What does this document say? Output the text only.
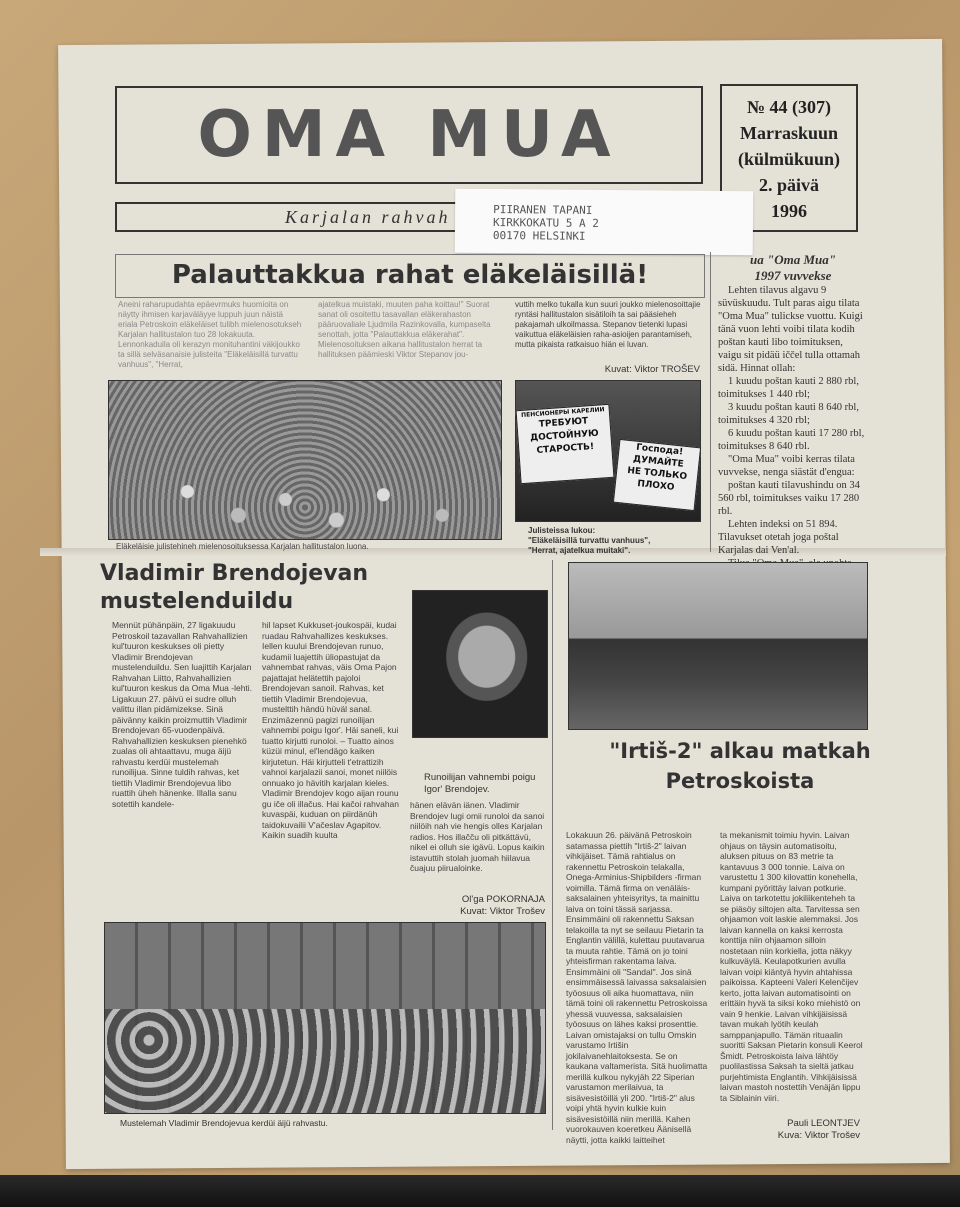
OMA MUA
Karjalan rahvah
№ 44 (307)
Marraskuun
(külmükuun)
2. päivä
1996
PIIRANEN TAPANI
KIRKKOKATU 5 A 2
00170 HELSINKI
Palauttakkua rahat eläkeläisillä!
Aneini raharupudahta epäevrmuks huomioita on näytty ihmisen karjaväläyye luppuh juun näistä eriala Petroskoin eläkeläiset tulibh mielenosotukseh Karjalan hallitustalon tuo 28 lokakuuta. Lennonkaduila oli kerazyn monituhantini väkijoukko ta sillä selväsanaisie julisteita "Eläkeläisillä turvattu vanhuus", "Herrat,
ajatelkua muistaki, muuten paha koittau!" Suorat sanat oli osoitettu tasavallan eläkerahaston pääruovaliale Ljudmila Razinkovalla, kumpaselta senottah, jotta "Palauttakkua eläkerahat". Mielenosoituksen aikana hallitustalon herrat ta hallituksen päämieski Viktor Stepanov jou-
vuttih melko tukalla kun suuri joukko mielenosoittajie ryntäsi hallitustalon sisätiloih ta sai pääsieheh pakajamah ulkoilmassa. Stepanov tietenki lupasi vaikuttua eläkeläisien raha-asioijen parantamiseh, mutta pikaista ratkaisuo hiän ei luvan.
Kuvat: Viktor TROŠEV
Eläkeläisie julistehineh mielenosoituksessa Karjalan hallitustalon luona.
ПЕНСИОНЕРЫ КАРЕЛИИ
ТРЕБУЮТ
ДОСТОЙНУЮ
СТАРОСТЬ!	Господа!
ДУМАЙТЕ
НЕ ТОЛЬКО
ПЛОХО
Julisteissa lukou:
"Eläkeläisillä turvattu vanhuus",
"Herrat, ajatelkua muitaki".
ua "Oma Mua"
1997 vuvvekse

Lehten tilavus algavu 9 süvüskuudu. Tult paras aigu tilata "Oma Mua" tulickse vuottu. Kuigi tänä vuon lehti voibi tilata kodih poštan kauti libo toimituksen, vaigu sit pidäü iččel tulla ottamah sidä. Hinnat ollah:

1 kuudu poštan kauti 2 880 rbl, toimitukses 1 440 rbl;

3 kuudu poštan kauti 8 640 rbl, toimitukses 4 320 rbl;

6 kuudu poštan kauti 17 280 rbl, toimitukses 8 640 rbl.

"Oma Mua" voibi kerras tilata vuvvekse, nenga siästät d'engua:

poštan kauti tilavushindu on 34 560 rbl, toimitukses vaiku 17 280 rbl.

Lehten indeksi on 51 894. Tilavukset otetah joga poštal Karjalas dai Ven'al.

Vladimir Brendojevan
mustelenduildu
Mennüt pühänpäin, 27 ligakuudu Petroskoil tazavallan Rahvahallizien kul'tuuron keskukses oli pietty Vladimir Brendojevan mustelenduildu. Sen luajittih Karjalan Rahvahan Liitto, Rahvahallizien kul'tuuron keskus da Oma Mua -lehti. Ligakuun 27. päivü ei sudre olluh valittu illan pidämizekse. Sinä päivänny kaikin proizmuttih Vladimir Brendojevan 65-vuodenpäivä. Rahvahallizien keskuksen pienehkö zualas oli ahtaattavu, muga äijü rahvastu kerdüi mustelemah runoilijua. Sinne tuldih rahvas, ket tiettih Vladimir Brendojevua libo ruattih üheh hänenke. Illalla sanu sotettih kandele-
hil lapset Kukkuset-joukospäi, kudai ruadau Rahvahallizes keskukses. Iellen kuului Brendojevan runuo, kudamii luajettih üliopastujat da vahnembat rahvas, väis Oma Pajon pajattajat helätettih pajoloi Brendojevan sanoil. Rahvas, ket tiettih Vladimir Brendojevua, mustelttih händü hüväl sanal. Enzimäzennü pagizi runoilijan vahnembi poigu Igor'. Häi saneli, kui tuatto kirjutti runoloi. – Tuatto ainos küzüi minul, el'lendägo kaiken kirjutetun. Häi kirjutteli t'etrattizih vahnoi karjalazii sanoi, monet niilöis onnuako jo hävitih karjalan kieles. Vladimir Brendojev kogo aijan rounu gu iče oli illačus. Hai kačoi rahvahan kuvaspäi, kuduan on piirdänüh taidokuvailii V'ačeslav Agapitov. Kaikin suadih kuulta
Runoilijan vahnembi poigu
Igor' Brendojev.
hänen elävän iänen. Vladimir Brendojev lugi omii runoloi da sanoi niilöih nah vie hengis olles Karjalan radios. Hos illačču oli pitkättävü, nikel ei olluh sie igävü. Lopus kaikin istavuttih stolah juomah hiilavua čuajuu piirualoinke.
Ol'ga POKORNAJA
Kuvat: Viktor Trošev
Mustelemah Vladimir Brendojevua kerdüi äijü rahvastu.
"Irtiš-2" alkau matkah
Petroskoista
Lokakuun 26. päivänä Petroskoin satamassa piettih "Irtiš-2" laivan vihkijäiset. Tämä rahtialus on rakennettu Petroskoin telakalla, Onega-Arminius-Shipbilders -firman voimilla. Tämä firma on venäläis-saksalainen yhteisyritys, ta mainittu laiva on toini tässä sarjassa. Ensimmäini oli rakennettu Saksan telakoilla ta nyt se seilauu Pietarin ta Englantin välillä, kulettau puutavarua ta muuta rahtie. Tämä on jo toini yhteisfirman rakentama laiva. Ensimmäini oli "Sandal". Jos sinä ensimmäisessä laivassa saksalaisien työosuus oli aika huomattava, niin tämä toini oli rakennettu Petroskoissa yhessä vuuvessa, saksalaisien työosuus on lähes kaksi prosenttie. Laivan omistajaksi on tullu Omskin varustamo Irtišin jokilaivanehlaitoksesta. Se on kaukana valtamerista. Sitä huolimatta merillä kulkou nykyjäh 22 Siperian varustamon merilaivua, ta sisävesistöillä yli 200. "Irtiš-2" alus voipi yhtä hyvin kulkie kuin sisävesistöillä niin merillä. Kahen vuorokauven koeretkeu Äänisellä näytti, jotta kaikki laitteihet
ta mekanismit toimiu hyvin. Laivan ohjaus on täysin automatisoitu, aluksen pituus on 83 metrie ta kantavuus 3 000 tonnie. Laiva on varustettu 1 300 kilovattin konehella, kumpani pyörittäy laivan potkurie. Laiva on tarkotettu jokiliikenteheh ta se piäsöy siltojen alta. Tarvitessa sen ohjaamon voit laskie alemmaksi. Jos laivan kannella on kaksi kerrosta konttija niin ohjaamon silloin nostetaan niin korkiella, jotta näkyy kulkuväylä. Keulapotkurien avulla laivan voipi kiäntyä hyvin ahtahissa paikoissa. Kapteeni Valeri Kelenčijev kerto, jotta laivan automatisointi on erittäin hyvä ta siksi koko miehistö on vain 9 henkie. Laivan vihkijäisissä tavan mukah lyötih keulah samppanjapullo. Tämän rituaalin suoritti Saksan Pietarin konsuli Keerol Šmidt. Petroskoista laiva lähtöy puolilastissa Saksah ta sieltä jatkau purjehtimista Englantih. Vihkijäisissä laivan mastoh nostettih Venäjän lippu ta Siblainin viiri.
Pauli LEONTJEV
Kuva: Viktor Trošev
